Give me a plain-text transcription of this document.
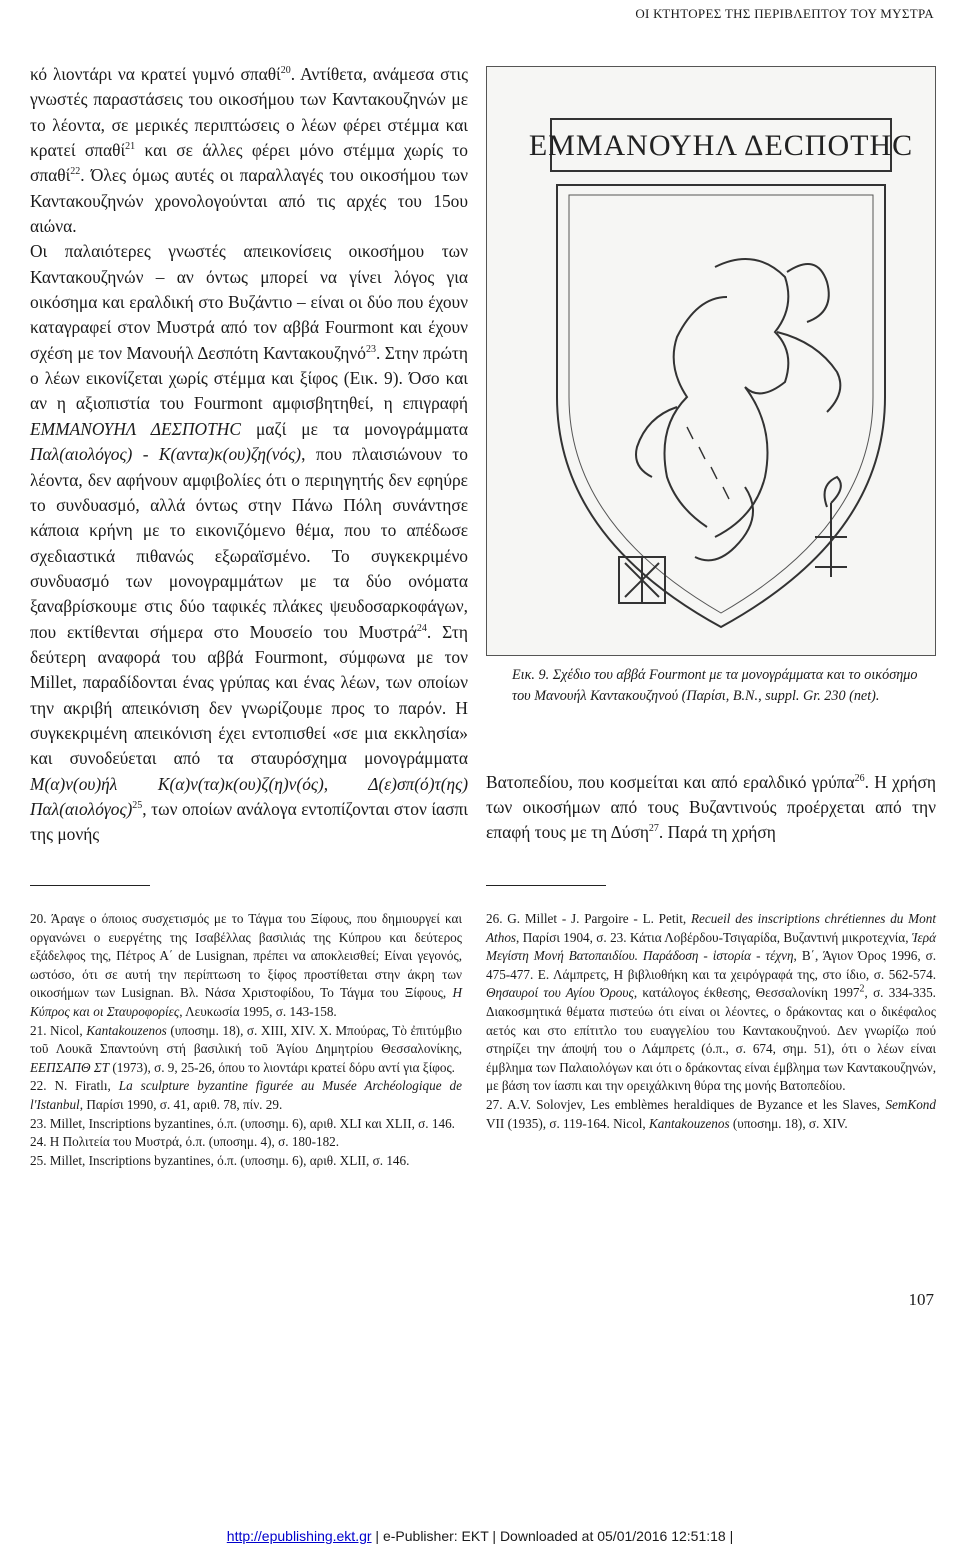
ΟΙ ΚΤΗΤΟΡΕΣ ΤΗΣ ΠΕΡΙΒΛΕΠΤΟΥ ΤΟΥ ΜΥΣΤΡΑ

κό λιοντάρι να κρατεί γυμνό σπαθί$^{20}$. Αντίθετα, ανάμεσα στις γνωστές παραστάσεις του οικοσήμου των Καντακουζηνών με το λέοντα, σε μερικές περιπτώσεις ο λέων φέρει στέμμα και κρατεί σπαθί$^{21}$ και σε άλλες φέρει μόνο στέμμα χωρίς το σπαθί$^{22}$. Όλες όμως αυτές οι παραλλαγές του οικοσήμου των Καντακουζηνών χρονολογούνται από τις αρχές του 15ου αιώνα.

Οι παλαιότερες γνωστές απεικονίσεις οικοσήμου των Καντακουζηνών – αν όντως μπορεί να γίνει λόγος για οικόσημα και εραλδική στο Βυζάντιο – είναι οι δύο που έχουν καταγραφεί στον Μυστρά από τον αββά Fourmont και έχουν σχέση με τον Μανουήλ Δεσπότη Καντακουζηνό$^{23}$. Στην πρώτη ο λέων εικονίζεται χωρίς στέμμα και ξίφος (Εικ. 9). Όσο και αν η αξιοπιστία του Fourmont αμφισβητηθεί, η επιγραφή ΕΜΜΑΝΟΥΗΛ ΔΕΣΠΟΤΗC μαζί με τα μονογράμματα Παλ(αιολόγος) - Κ(αντα)κ(ου)ζη(νός), που πλαισιώνουν το λέοντα, δεν αφήνουν αμφιβολίες ότι ο περιηγητής δεν εφηύρε το συνδυασμό, αλλά όντως στην Πάνω Πόλη συνάντησε κάποια κρήνη με το εικονιζόμενο θέμα, που το απέδωσε σχεδιαστικά πιθανώς εξωραϊσμένο. Το συγκεκριμένο συνδυασμό των μονογραμμάτων με τα δύο ονόματα ξαναβρίσκουμε στις δύο ταφικές πλάκες ψευδοσαρκοφάγων, που εκτίθενται σήμερα στο Μουσείο του Μυστρά$^{24}$. Στη δεύτερη αναφορά του αββά Fourmont, σύμφωνα με τον Millet, παραδίδονται ένας γρύπας και ένας λέων, των οποίων την ακριβή απεικόνιση δεν γνωρίζουμε προς το παρόν. Η συγκεκριμένη απεικόνιση έχει εντοπισθεί «σε μια εκκλησία» και συνοδεύεται από τα σταυρόσχημα μονογράμματα Μ(α)ν(ου)ήλ Κ(α)ν(τα)κ(ου)ζ(η)ν(ός), Δ(ε)σπ(ό)τ(ης) $\Pi\alpha\lambda(\alpha\iota o\lambda ό\gamma o\varsigma)^{25}$, των οποίων ανάλογα εντοπίζονται στον ίασπι της μονής

ΕΜΜΑΝΟΥΗΛ ΔΕCΠΟΤΗC

Εικ. 9. Σχέδιο του αββά Fourmont με τα μονογράμματα και το οικόσημο του Μανουήλ Καντακουζηνού (Παρίσι, Β.Ν., suppl. Gr. 230 (net).

Βατοπεδίου, που κοσμείται και από εραλδικό γρύπα$^{26}$. Η χρήση των οικοσήμων από τους Βυζαντινούς προέρχεται από την επαφή τους με τη Δύση$^{27}$. Παρά τη χρήση

20. Άραγε ο όποιος συσχετισμός με το Τάγμα του Ξίφους, που δημιουργεί και οργανώνει ο ευεργέτης της Ισαβέλλας βασιλιάς της Κύπρου και δεύτερος εξάδελφος της, Πέτρος Α΄ de Lusignan, πρέπει να αποκλεισθεί; Είναι γεγονός, ωστόσο, ότι σε αυτή την περίπτωση το ξίφος προστίθεται στην άκρη των οικοσήμων των Lusignan. Βλ. Νάσα Χριστοφίδου, Το Τάγμα του Ξίφους, Η Κύπρος και οι Σταυροφορίες, Λευκωσία 1995, σ. 143-158.

21. Nicol, Kantakouzenos (υποσημ. 18), σ. XIII, XIV. Χ. Μπούρας, Τὸ ἐπιτύμβιο τοῦ Λουκᾶ Σπαντούνη στή βασιλική τοῦ Ἁγίου Δημητρίου Θεσσαλονίκης, ΕΕΠΣΑΠΘ ΣΤ (1973), σ. 9, 25-26, όπου το λιοντάρι κρατεί δόρυ αντί για ξίφος.

22. N. Firatlı, La sculpture byzantine figurée au Musée Archéologique de l'Istanbul, Παρίσι 1990, σ. 41, αριθ. 78, πίν. 29.

23. Millet, Inscriptions byzantines, ό.π. (υποσημ. 6), αριθ. XLI και XLII, σ. 146.

24. Η Πολιτεία του Μυστρά, ό.π. (υποσημ. 4), σ. 180-182.

25. Millet, Inscriptions byzantines, ό.π. (υποσημ. 6), αριθ. XLII, σ. 146.

26. G. Millet - J. Pargoire - L. Petit, Recueil des inscriptions chrétiennes du Mont Athos, Παρίσι 1904, σ. 23. Κάτια Λοβέρδου-Τσιγαρίδα, Βυζαντινή μικροτεχνία, Ἱερά Μεγίστη Μονή Βατοπαιδίου. Παράδοση - ἱστορία - τέχνη, Β΄, Άγιον Όρος 1996, σ. 475-477. Ε. Λάμπρετς, Η βιβλιοθήκη και τα χειρόγραφά της, στο ίδιο, σ. 562-574. Θησαυροί του Αγίου Όρους, κατάλογος έκθεσης, Θεσσαλονίκη 1997$^2$, σ. 334-335. Διακοσμητικά θέματα πιστεύω ότι είναι οι λέοντες, ο δράκοντας και ο δικέφαλος αετός και στο επίτιτλο του ευαγγελίου του Καντακουζηνού. Δεν γνωρίζω πού στηρίζει την άποψή του ο Λάμπρετς (ό.π., σ. 674, σημ. 51), ότι ο λέων είναι έμβλημα των Παλαιολόγων και ότι ο δράκοντας είναι έμβλημα των Καντακουζηνών, με βάση τον ίασπι και την ορειχάλκινη θύρα της μονής Βατοπεδίου.

27. A.V. Solovjev, Les emblèmes heraldiques de Byzance et les Slaves, SemKond VII (1935), σ. 119-164. Nicol, Kantakouzenos (υποσημ. 18), σ. XIV.

107
http://epublishing.ekt.gr | e-Publisher: EKT | Downloaded at 05/01/2016 12:51:18 |
